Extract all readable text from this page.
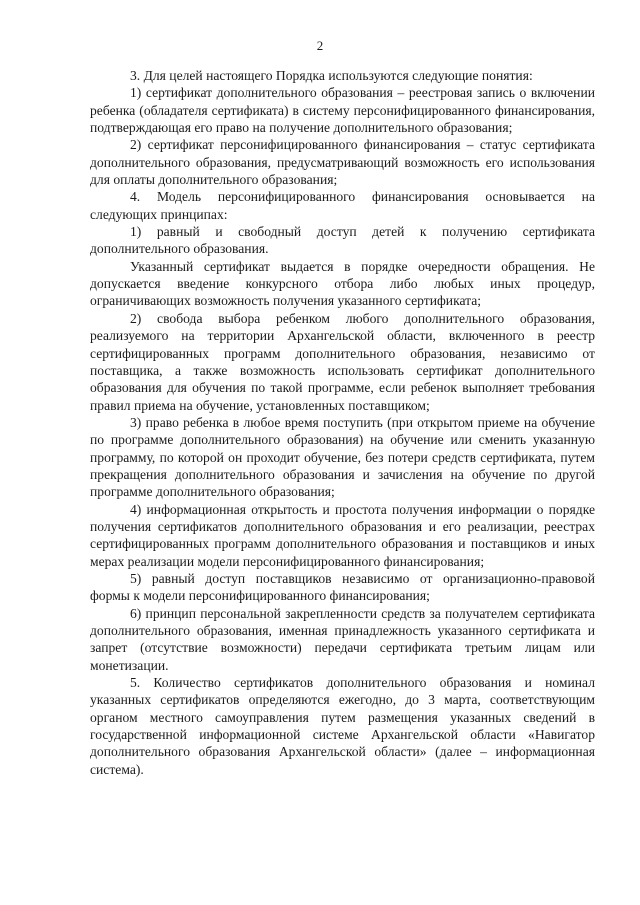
2

3. Для целей настоящего Порядка используются следующие понятия:

1) сертификат дополнительного образования – реестровая запись о включении ребенка (обладателя сертификата) в систему персонифицированного финансирования, подтверждающая его право на получение дополнительного образования;

2) сертификат персонифицированного финансирования – статус сертификата дополнительного образования, предусматривающий возможность его использования для оплаты дополнительного образования;

4. Модель персонифицированного финансирования основывается на следующих принципах:

1) равный и свободный доступ детей к получению сертификата дополнительного образования.

Указанный сертификат выдается в порядке очередности обращения. Не допускается введение конкурсного отбора либо любых иных процедур, ограничивающих возможность получения указанного сертификата;

2) свобода выбора ребенком любого дополнительного образования, реализуемого на территории Архангельской области, включенного в реестр сертифицированных программ дополнительного образования, независимо от поставщика, а также возможность использовать сертификат дополнительного образования для обучения по такой программе, если ребенок выполняет требования правил приема на обучение, установленных поставщиком;

3) право ребенка в любое время поступить (при открытом приеме на обучение по программе дополнительного образования) на обучение или сменить указанную программу, по которой он проходит обучение, без потери средств сертификата, путем прекращения дополнительного образования и зачисления на обучение по другой программе дополнительного образования;

4) информационная открытость и простота получения информации о порядке получения сертификатов дополнительного образования и его реализации, реестрах сертифицированных программ дополнительного образования и поставщиков и иных мерах реализации модели персонифицированного финансирования;

5) равный доступ поставщиков независимо от организационно-правовой формы к модели персонифицированного финансирования;

6) принцип персональной закрепленности средств за получателем сертификата дополнительного образования, именная принадлежность указанного сертификата и запрет (отсутствие возможности) передачи сертификата третьим лицам или монетизации.

5. Количество сертификатов дополнительного образования и номинал указанных сертификатов определяются ежегодно, до 3 марта, соответствующим органом местного самоуправления путем размещения указанных сведений в государственной информационной системе Архангельской области «Навигатор дополнительного образования Архангельской области» (далее – информационная система).
